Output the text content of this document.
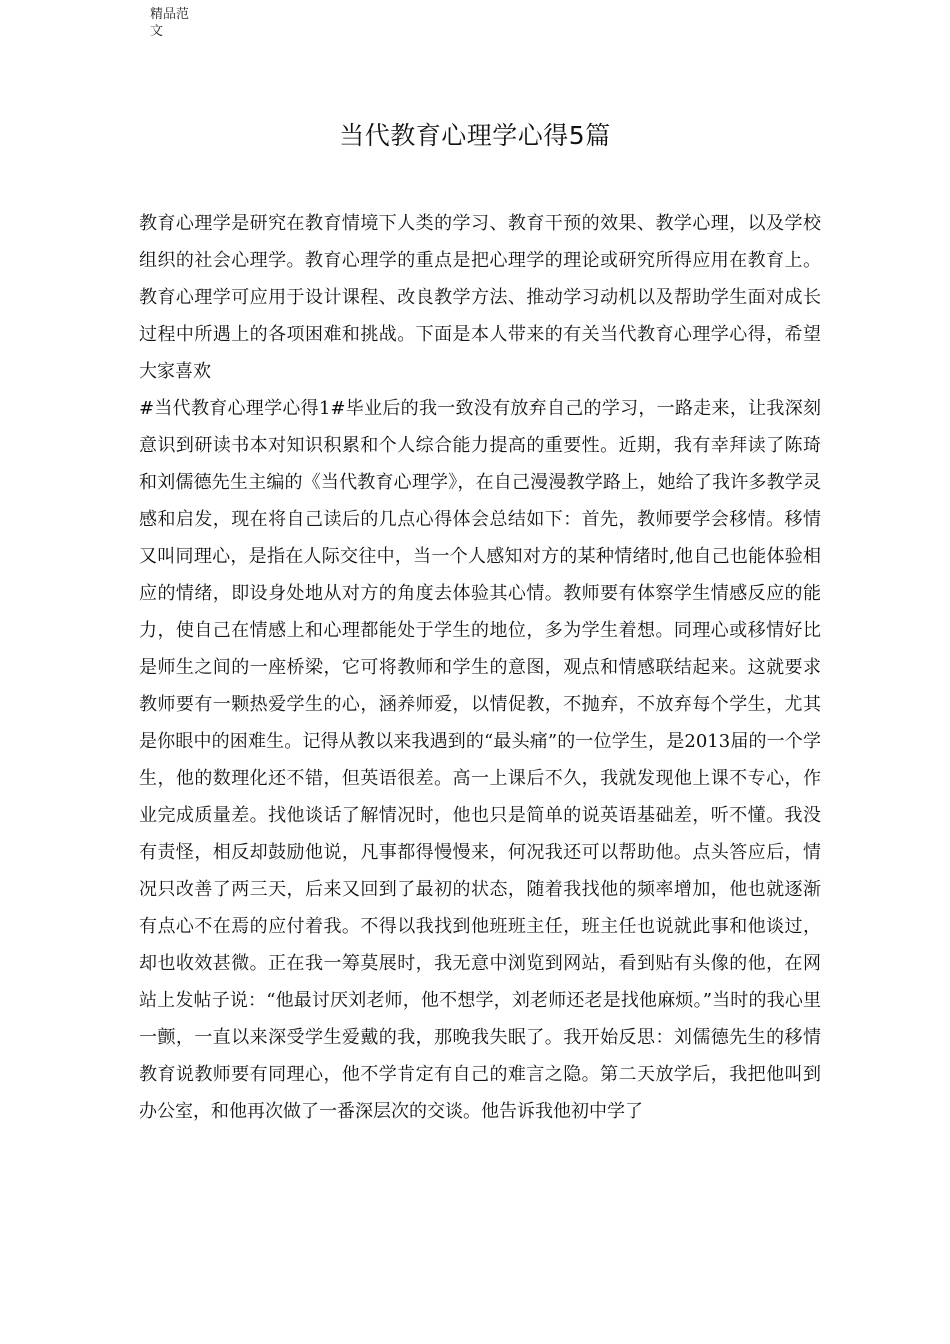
精品范
文
当代教育心理学心得5篇

教育心理学是研究在教育情境下人类的学习、教育干预的效果、教学心理，以及学校组织的社会心理学。教育心理学的重点是把心理学的理论或研究所得应用在教育上。教育心理学可应用于设计课程、改良教学方法、推动学习动机以及帮助学生面对成长过程中所遇上的各项困难和挑战。下面是本人带来的有关当代教育心理学心得，希望大家喜欢

#当代教育心理学心得1#毕业后的我一致没有放弃自己的学习，一路走来，让我深刻意识到研读书本对知识积累和个人综合能力提高的重要性。近期，我有幸拜读了陈琦和刘儒德先生主编的《当代教育心理学》，在自己漫漫教学路上，她给了我许多教学灵感和启发，现在将自己读后的几点心得体会总结如下：首先，教师要学会移情。移情又叫同理心，是指在人际交往中，当一个人感知对方的某种情绪时,他自己也能体验相应的情绪，即设身处地从对方的角度去体验其心情。教师要有体察学生情感反应的能力，使自己在情感上和心理都能处于学生的地位，多为学生着想。同理心或移情好比是师生之间的一座桥梁，它可将教师和学生的意图，观点和情感联结起来。这就要求教师要有一颗热爱学生的心，涵养师爱，以情促教，不抛弃，不放弃每个学生，尤其是你眼中的困难生。记得从教以来我遇到的“最头痛”的一位学生，是2013届的一个学生，他的数理化还不错，但英语很差。高一上课后不久，我就发现他上课不专心，作业完成质量差。找他谈话了解情况时，他也只是简单的说英语基础差，听不懂。我没有责怪，相反却鼓励他说，凡事都得慢慢来，何况我还可以帮助他。点头答应后，情况只改善了两三天，后来又回到了最初的状态，随着我找他的频率增加，他也就逐渐有点心不在焉的应付着我。不得以我找到他班班主任，班主任也说就此事和他谈过，却也收效甚微。正在我一筹莫展时，我无意中浏览到网站，看到贴有头像的他，在网站上发帖子说：“他最讨厌刘老师，他不想学，刘老师还老是找他麻烦。”当时的我心里一颤，一直以来深受学生爱戴的我，那晚我失眠了。我开始反思：刘儒德先生的移情教育说教师要有同理心，他不学肯定有自己的难言之隐。第二天放学后，我把他叫到办公室，和他再次做了一番深层次的交谈。他告诉我他初中学了
